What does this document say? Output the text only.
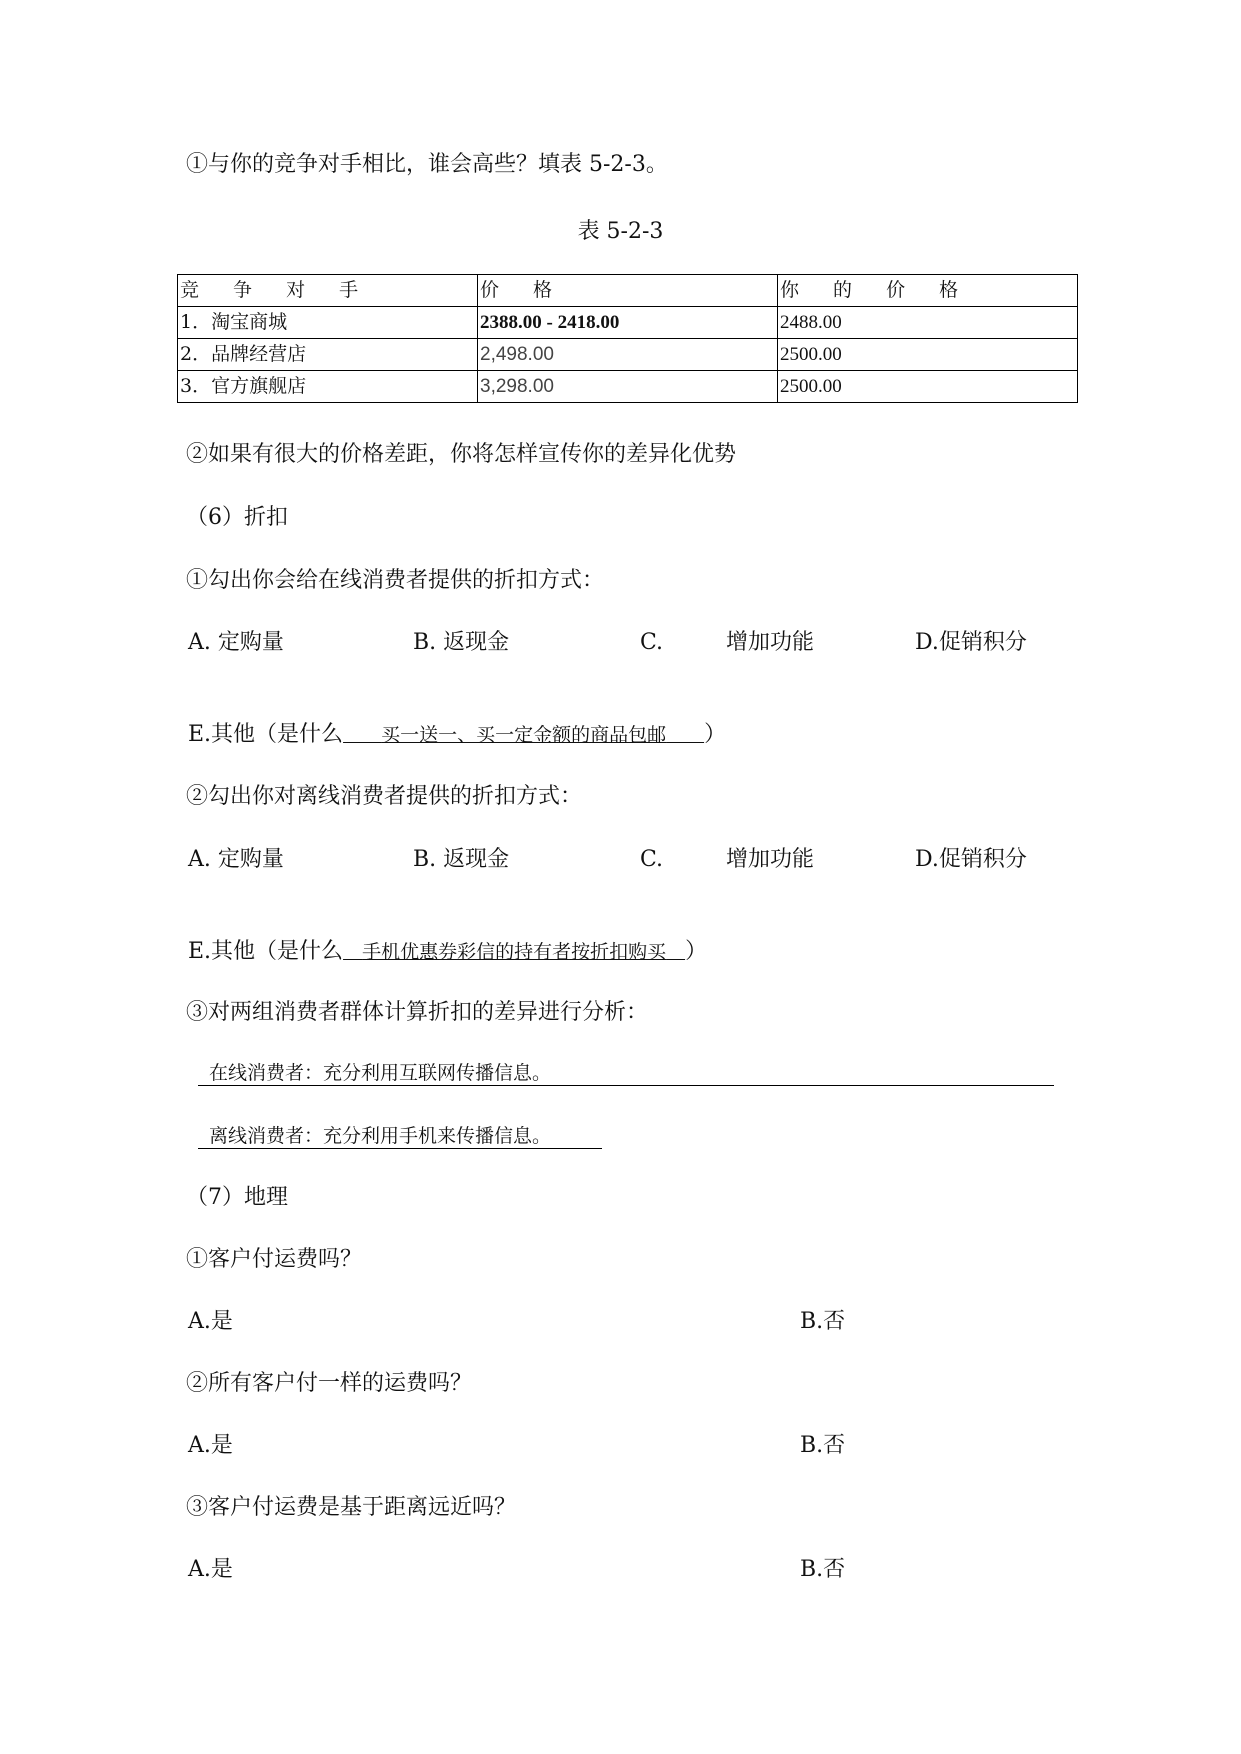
①与你的竞争对手相比，谁会高些？填表 5-2-3。
表 5-2-3
竞 争 对 手	价 格	你 的 价 格
1．淘宝商城	2388.00 - 2418.00	2488.00
2．品牌经营店	2,498.00	2500.00
3．官方旗舰店	3,298.00	2500.00
②如果有很大的价格差距，你将怎样宣传你的差异化优势
（6）折扣
①勾出你会给在线消费者提供的折扣方式：
A. 定购量	B. 返现金	C.	增加功能	D.促销积分
E.其他（是什么   买一送一、买一定金额的商品包邮   ）
②勾出你对离线消费者提供的折扣方式：
A. 定购量	B. 返现金	C.	增加功能	D.促销积分
E.其他（是什么  手机优惠券彩信的持有者按折扣购买  ）
③对两组消费者群体计算折扣的差异进行分析：
在线消费者：充分利用互联网传播信息。
离线消费者：充分利用手机来传播信息。
（7）地理
①客户付运费吗？
A.是	B.否
②所有客户付一样的运费吗？
A.是	B.否
③客户付运费是基于距离远近吗？
A.是	B.否
